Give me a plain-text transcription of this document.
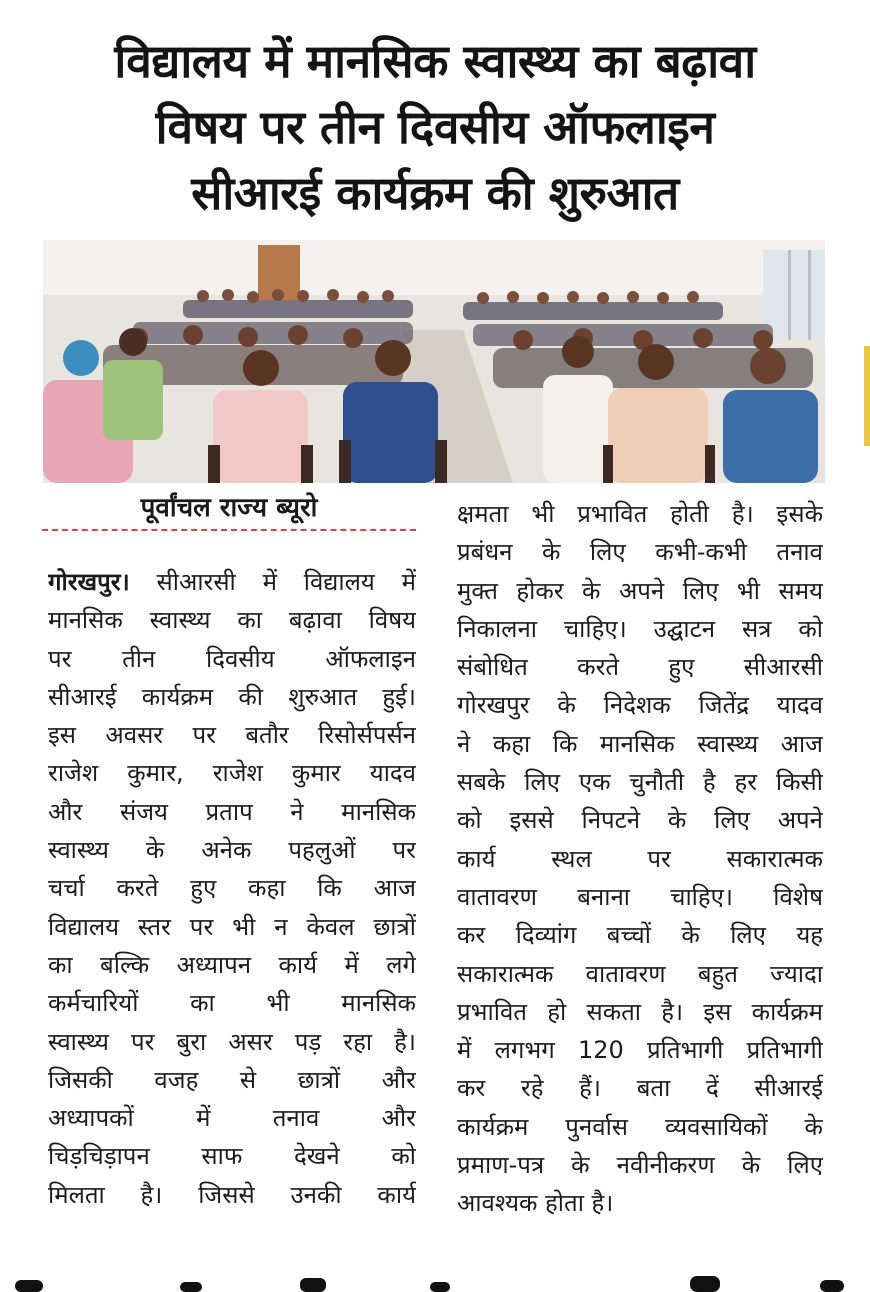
विद्यालय में मानसिक स्वास्थ्य का बढ़ावा
विषय पर तीन दिवसीय ऑफलाइन
सीआरई कार्यक्रम की शुरुआत
पूर्वांचल राज्य ब्यूरो
गोरखपुर। सीआरसी में विद्यालय में
मानसिक स्वास्थ्य का बढ़ावा विषय
पर तीन दिवसीय ऑफलाइन
सीआरई कार्यक्रम की शुरुआत हुई।
इस अवसर पर बतौर रिसोर्सपर्सन
राजेश कुमार, राजेश कुमार यादव
और संजय प्रताप ने मानसिक
स्वास्थ्य के अनेक पहलुओं पर
चर्चा करते हुए कहा कि आज
विद्यालय स्तर पर भी न केवल छात्रों
का बल्कि अध्यापन कार्य में लगे
कर्मचारियों का भी मानसिक
स्वास्थ्य पर बुरा असर पड़ रहा है।
जिसकी वजह से छात्रों और
अध्यापकों में तनाव और
चिड़चिड़ापन साफ देखने को
मिलता है। जिससे उनकी कार्य
क्षमता भी प्रभावित होती है। इसके
प्रबंधन के लिए कभी-कभी तनाव
मुक्त होकर के अपने लिए भी समय
निकालना चाहिए। उद्घाटन सत्र को
संबोधित करते हुए सीआरसी
गोरखपुर के निदेशक जितेंद्र यादव
ने कहा कि मानसिक स्वास्थ्य आज
सबके लिए एक चुनौती है हर किसी
को इससे निपटने के लिए अपने
कार्य स्थल पर सकारात्मक
वातावरण बनाना चाहिए। विशेष
कर दिव्यांग बच्चों के लिए यह
सकारात्मक वातावरण बहुत ज्यादा
प्रभावित हो सकता है। इस कार्यक्रम
में लगभग 120 प्रतिभागी प्रतिभागी
कर रहे हैं। बता दें सीआरई
कार्यक्रम पुनर्वास व्यवसायिकों के
प्रमाण-पत्र के नवीनीकरण के लिए
आवश्यक होता है।
